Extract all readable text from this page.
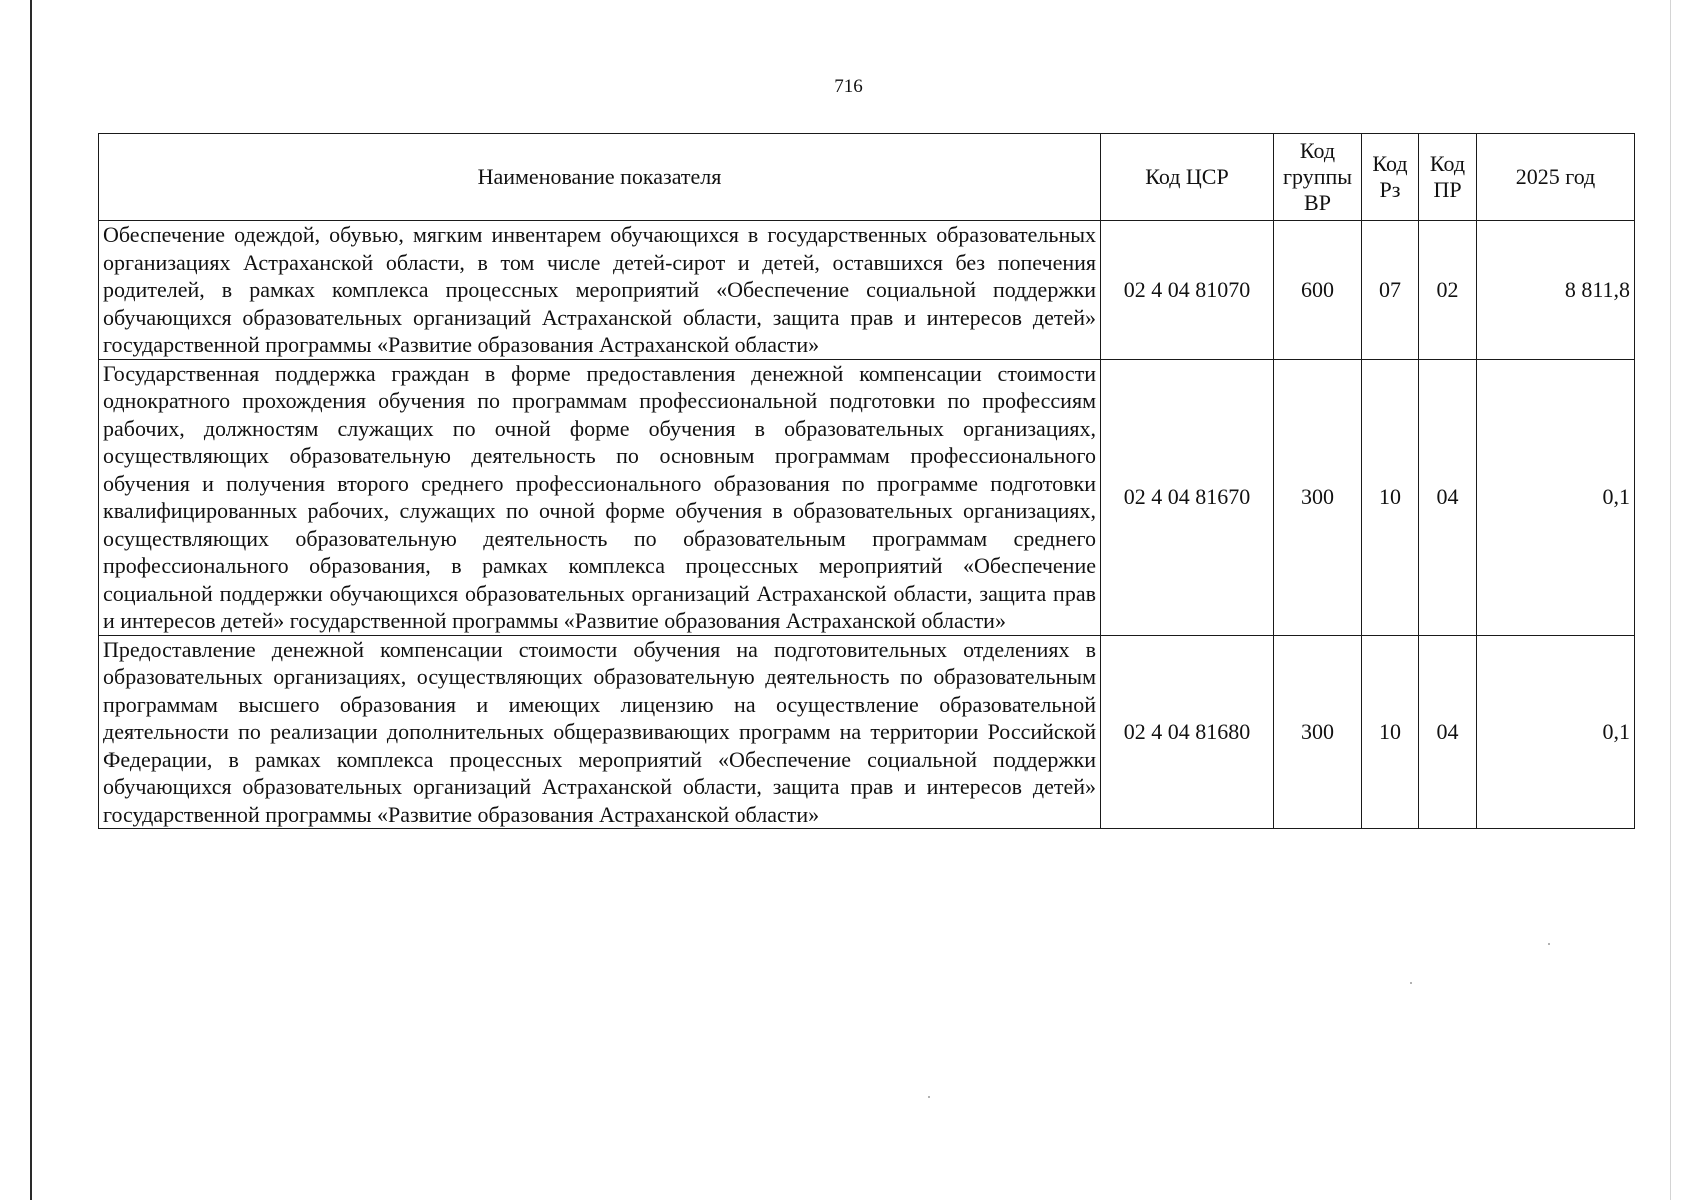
716
Наименование показателя	Код ЦСР	Код группы ВР	Код Рз	Код ПР	2025 год
Обеспечение одеждой, обувью, мягким инвентарем обучающихся в государственных образовательных организациях Астраханской области, в том числе детей-сирот и детей, оставшихся без попечения родителей, в рамках комплекса процессных мероприятий «Обеспечение социальной поддержки обучающихся образовательных организаций Астраханской области, защита прав и интересов детей» государственной программы «Развитие образования Астраханской области»	02 4 04 81070	600	07	02	8 811,8
Государственная поддержка граждан в форме предоставления денежной компенсации стоимости однократного прохождения обучения по программам профессиональной подготовки по профессиям рабочих, должностям служащих по очной форме обучения в образовательных организациях, осуществляющих образовательную деятельность по основным программам профессионального обучения и получения второго среднего профессионального образования по программе подготовки квалифицированных рабочих, служащих по очной форме обучения в образовательных организациях, осуществляющих образовательную деятельность по образовательным программам среднего профессионального образования, в рамках комплекса процессных мероприятий «Обеспечение социальной поддержки обучающихся образовательных организаций Астраханской области, защита прав и интересов детей» государственной программы «Развитие образования Астраханской области»	02 4 04 81670	300	10	04	0,1
Предоставление денежной компенсации стоимости обучения на подготовительных отделениях в образовательных организациях, осуществляющих образовательную деятельность по образовательным программам высшего образования и имеющих лицензию на осуществление образовательной деятельности по реализации дополнительных общеразвивающих программ на территории Российской Федерации, в рамках комплекса процессных мероприятий «Обеспечение социальной поддержки обучающихся образовательных организаций Астраханской области, защита прав и интересов детей» государственной программы «Развитие образования Астраханской области»	02 4 04 81680	300	10	04	0,1
